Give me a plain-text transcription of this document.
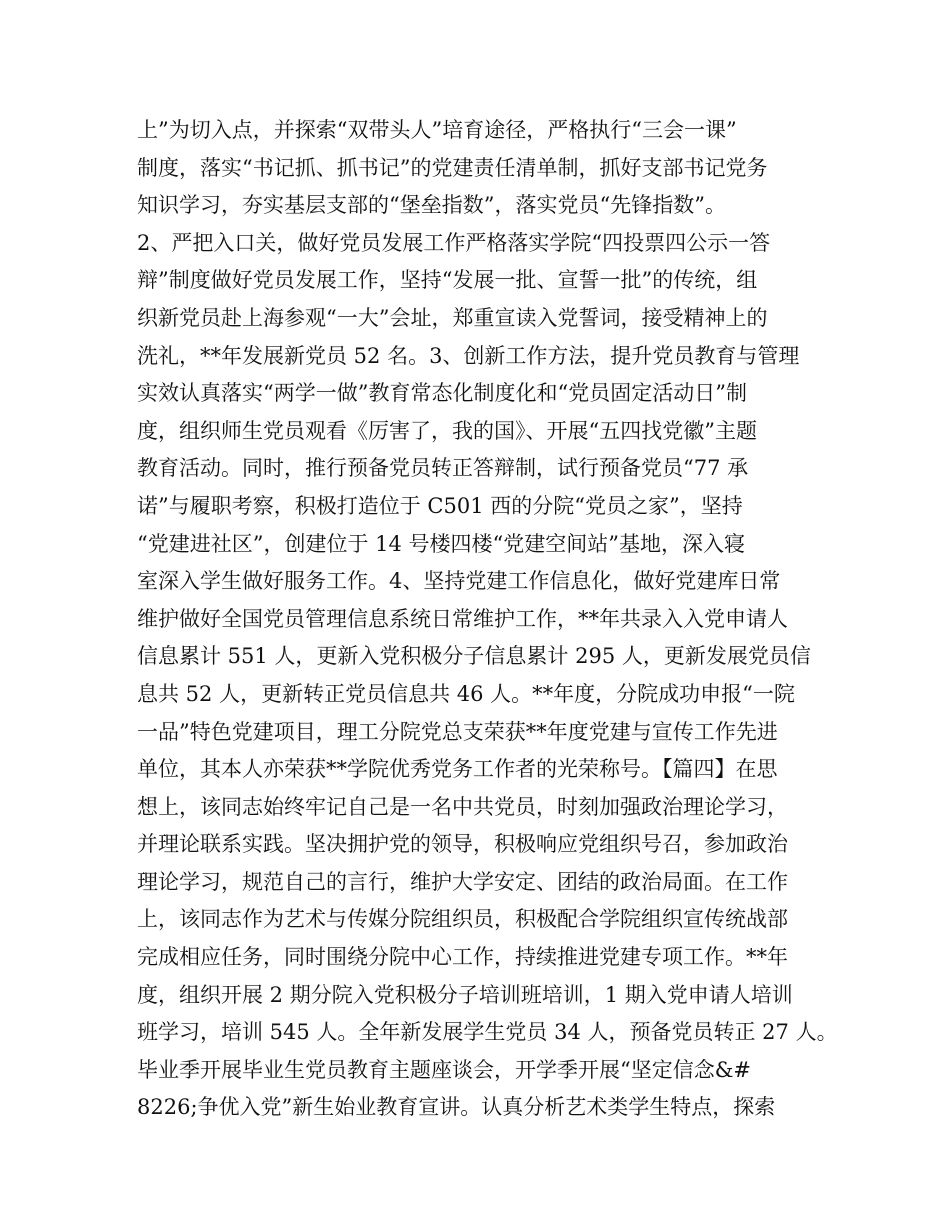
上”为切入点，并探索“双带头人”培育途径，严格执行“三会一课”
制度，落实“书记抓、抓书记”的党建责任清单制，抓好支部书记党务
知识学习，夯实基层支部的“堡垒指数”，落实党员“先锋指数”。
2、严把入口关，做好党员发展工作严格落实学院“四投票四公示一答
辩”制度做好党员发展工作，坚持“发展一批、宣誓一批”的传统，组
织新党员赴上海参观“一大”会址，郑重宣读入党誓词，接受精神上的
洗礼，**年发展新党员 52 名。3、创新工作方法，提升党员教育与管理
实效认真落实“两学一做”教育常态化制度化和“党员固定活动日”制
度，组织师生党员观看《厉害了，我的国》、开展“五四找党徽”主题
教育活动。同时，推行预备党员转正答辩制，试行预备党员“77 承
诺”与履职考察，积极打造位于 C501 西的分院“党员之家”，坚持
“党建进社区”，创建位于 14 号楼四楼“党建空间站”基地，深入寝
室深入学生做好服务工作。4、坚持党建工作信息化，做好党建库日常
维护做好全国党员管理信息系统日常维护工作，**年共录入入党申请人
信息累计 551 人，更新入党积极分子信息累计 295 人，更新发展党员信
息共 52 人，更新转正党员信息共 46 人。**年度，分院成功申报“一院
一品”特色党建项目，理工分院党总支荣获**年度党建与宣传工作先进
单位，其本人亦荣获**学院优秀党务工作者的光荣称号。【篇四】在思
想上，该同志始终牢记自己是一名中共党员，时刻加强政治理论学习，
并理论联系实践。坚决拥护党的领导，积极响应党组织号召，参加政治
理论学习，规范自己的言行，维护大学安定、团结的政治局面。在工作
上，该同志作为艺术与传媒分院组织员，积极配合学院组织宣传统战部
完成相应任务，同时围绕分院中心工作，持续推进党建专项工作。**年
度，组织开展 2 期分院入党积极分子培训班培训，1 期入党申请人培训
班学习，培训 545 人。全年新发展学生党员 34 人，预备党员转正 27 人。
毕业季开展毕业生党员教育主题座谈会，开学季开展“坚定信念&#
8226;争优入党”新生始业教育宣讲。认真分析艺术类学生特点，探索
